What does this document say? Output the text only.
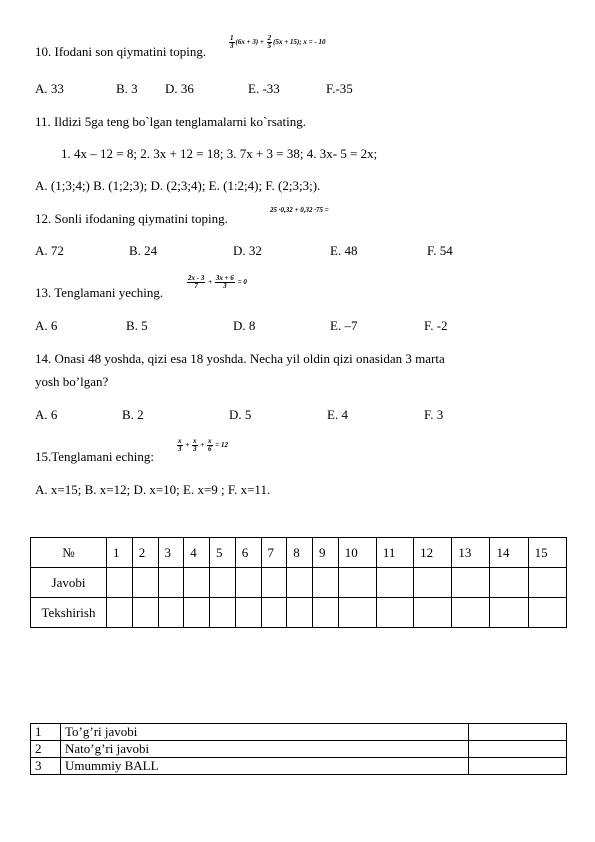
10. Ifodani son qiymatini toping.
$\frac{1}{3} (6x + 3) + \frac{2}{5} (5x + 15)$; x = - 10
A. 33	B. 3 D. 36	E. -33	F.-35
11. Ildizi 5ga teng bo`lgan tenglamalarni ko`rsating.
1. 4x – 12 = 8; 2. 3x + 12 = 18; 3. 7x + 3 = 38; 4. 3x- 5 = 2x;
A. (1;3;4;) B. (1;2;3); D. (2;3;4); E. (1:2;4); F. (2;3;3;).
12. Sonli ifodaning qiymatini toping.
25 ·0,32 + 0,32 ·75 =
A. 72	B. 24	D. 32	E. 48	F. 54
13. Tenglamani yeching.
$\frac{2x - 3}{7} + \frac{3x + 6}{3} = 0$
A. 6	B. 5	D. 8	E. –7	F. -2
14. Onasi 48 yoshda, qizi esa 18 yoshda. Necha yil oldin qizi onasidan 3 marta
yosh bo’lgan?
A. 6	B. 2	D. 5	E. 4	F. 3
15.Tenglamani eching:
$\frac{x}{3} + \frac{x}{3} + \frac{x}{6} = 12$
A. x=15; B. x=12; D. x=10; E. x=9 ; F. x=11.
№	1	2	3	4	5	6	7	8	9	10	11	12	13	14	15
Javobi															
Tekshirish															
1	To’g’ri javobi	
2	Nato’g’ri javobi	
3	Umummiy BALL	
